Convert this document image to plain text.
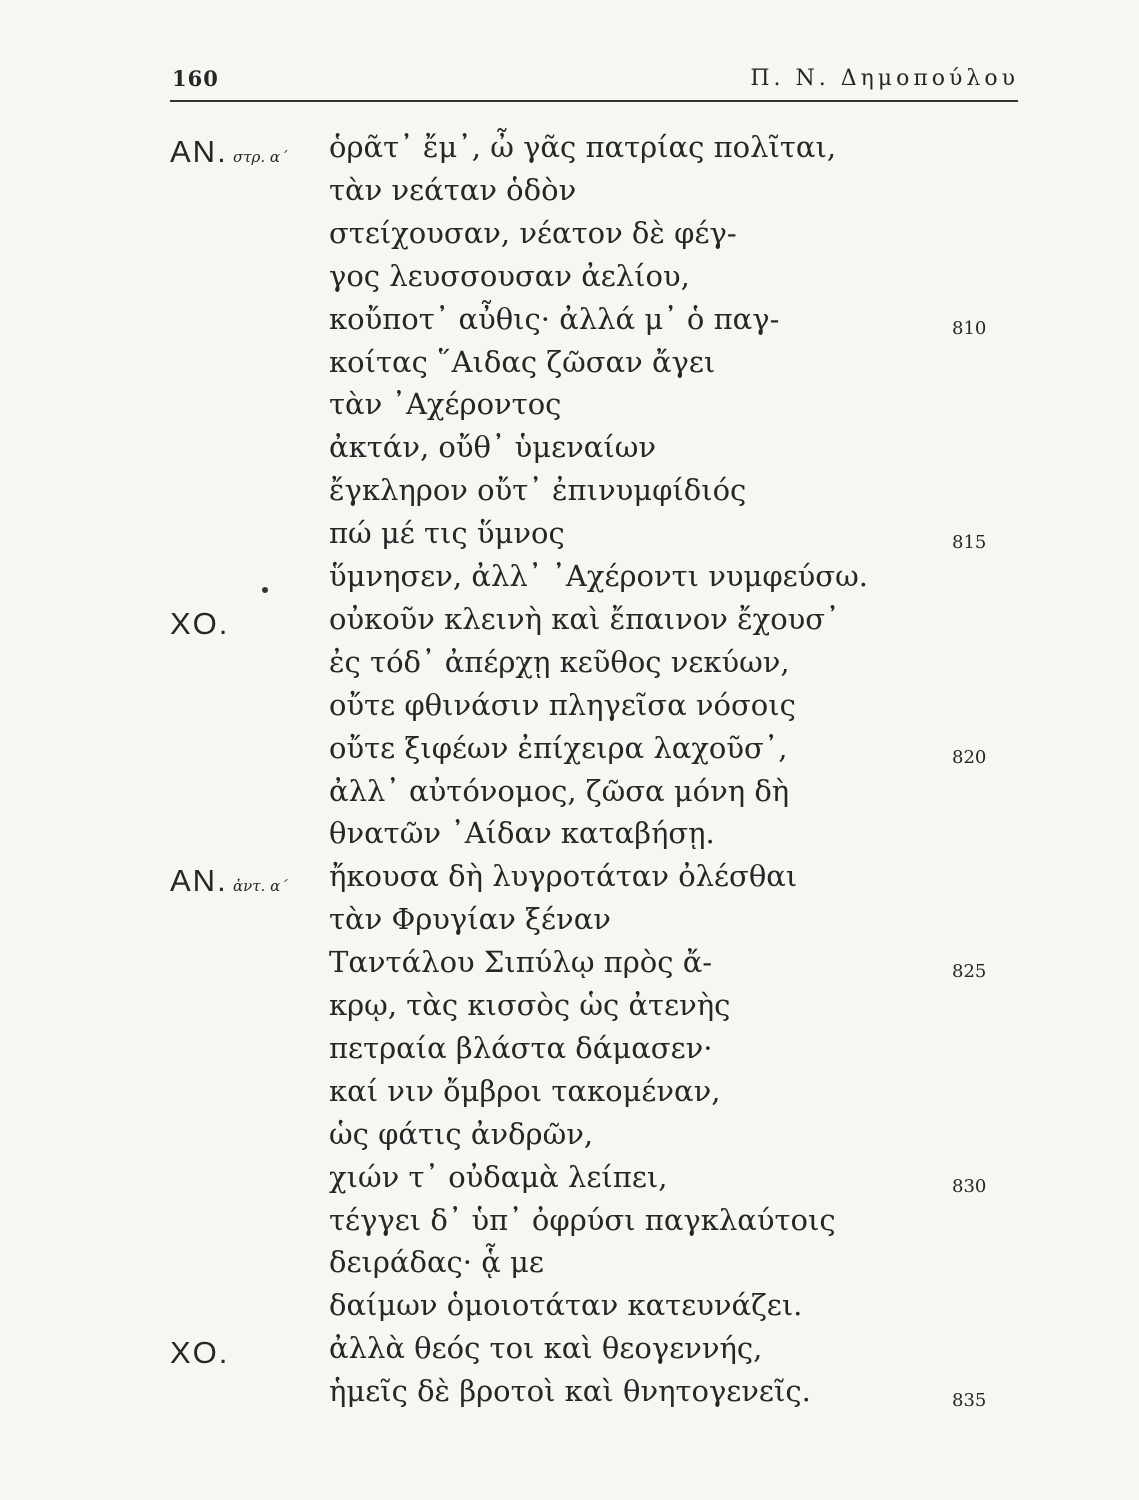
160	Π. Ν. Δημοπούλου
ΑΝ. στρ. α΄ ὁρᾶτ᾽ ἔμ᾽, ὦ γᾶς πατρίας πολῖται,
τὰν νεάταν ὁδὸν
στείχουσαν, νέατον δὲ φέγ-
γος λευσσουσαν ἀελίου,
κοὔποτ᾽ αὖθις· ἀλλά μ᾽ ὁ παγ-	810
κοίτας ῞Αιδας ζῶσαν ἄγει
τὰν ᾽Αχέροντος
ἀκτάν, οὔθ᾽ ὑμεναίων
ἔγκληρον οὔτ᾽ ἐπινυμφίδιός
πώ μέ τις ὕμνος	815
ὕμνησεν, ἀλλ᾽ ᾽Αχέροντι νυμφεύσω.
ΧΟ.	οὐκοῦν κλεινὴ καὶ ἔπαινον ἔχουσ᾽
ἐς τόδ᾽ ἀπέρχῃ κεῦθος νεκύων,
οὔτε φθινάσιν πληγεῖσα νόσοις
οὔτε ξιφέων ἐπίχειρα λαχοῦσ᾽,	820
ἀλλ᾽ αὐτόνομος, ζῶσα μόνη δὴ
θνατῶν ᾽Αίδαν καταβήσῃ.
ΑΝ. ἀντ. α΄ ἤκουσα δὴ λυγροτάταν ὀλέσθαι
τὰν Φρυγίαν ξέναν
Ταντάλου Σιπύλῳ πρὸς ἄ-	825
κρῳ, τὰς κισσὸς ὡς ἀτενὴς
πετραία βλάστα δάμασεν·
καί νιν ὄμβροι τακομέναν,
ὡς φάτις ἀνδρῶν,
χιών τ᾽ οὐδαμὰ λείπει,	830
τέγγει δ᾽ ὑπ᾽ ὀφρύσι παγκλαύτοις
δειράδας· ᾇ με
δαίμων ὁμοιοτάταν κατευνάζει.
ΧΟ.	ἀλλὰ θεός τοι καὶ θεογεννής,
ἡμεῖς δὲ βροτοὶ καὶ θνητογενεῖς.	835
